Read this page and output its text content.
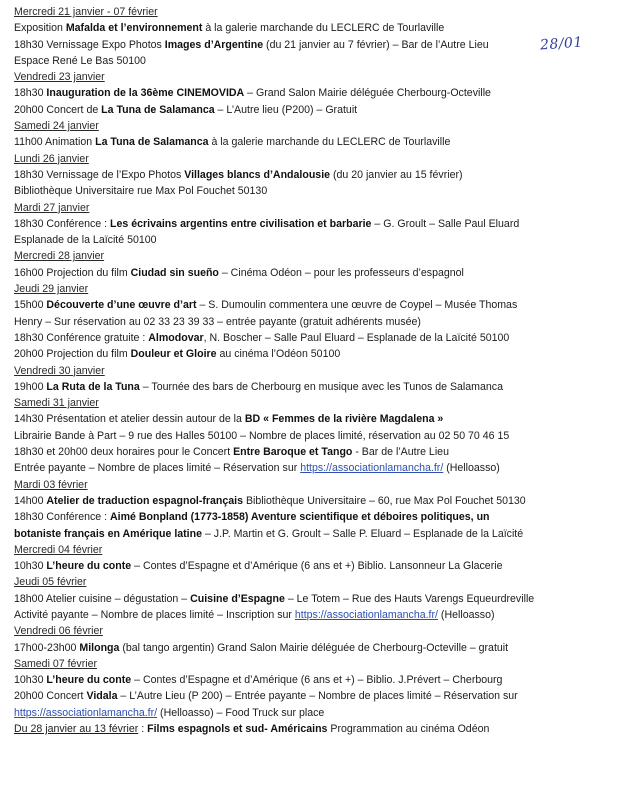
Mercredi 21 janvier - 07 février
Exposition Mafalda et l’environnement à la galerie marchande du LECLERC de Tourlaville
18h30 Vernissage Expo Photos Images d’Argentine (du 21 janvier au 7 février) – Bar de l’Autre Lieu
Espace René Le Bas 50100
Vendredi 23 janvier
18h30 Inauguration de la 36ème CINEMOVIDA – Grand Salon Mairie déléguée Cherbourg-Octeville
20h00 Concert de La Tuna de Salamanca – L’Autre lieu (P200) – Gratuit
Samedi 24 janvier
11h00 Animation La Tuna de Salamanca à la galerie marchande du LECLERC de Tourlaville
Lundi 26 janvier
18h30 Vernissage de l’Expo Photos Villages blancs d’Andalousie (du 20 janvier au 15 février)
Bibliothèque Universitaire rue Max Pol Fouchet 50130
Mardi 27 janvier
18h30 Conférence : Les écrivains argentins entre civilisation et barbarie – G. Groult – Salle Paul Eluard
Esplanade de la Laïcité 50100
Mercredi 28 janvier
16h00 Projection du film Ciudad sin sueño – Cinéma Odéon – pour les professeurs d’espagnol
Jeudi 29 janvier
15h00 Découverte d’une œuvre d’art – S. Dumoulin commentera une œuvre de Coypel – Musée Thomas
Henry – Sur réservation au 02 33 23 39 33 – entrée payante (gratuit adhérents musée)
18h30 Conférence gratuite : Almodovar, N. Boscher – Salle Paul Eluard – Esplanade de la Laïcité 50100
20h00 Projection du film Douleur et Gloire au cinéma l’Odéon 50100
Vendredi 30 janvier
19h00 La Ruta de la Tuna – Tournée des bars de Cherbourg en musique avec les Tunos de Salamanca
Samedi 31 janvier
14h30 Présentation et atelier dessin autour de la BD « Femmes de la rivière Magdalena »
Librairie Bande à Part – 9 rue des Halles 50100 – Nombre de places limité, réservation au 02 50 70 46 15
18h30 et 20h00 deux horaires pour le Concert Entre Baroque et Tango - Bar de l’Autre Lieu
Entrée payante – Nombre de places limité – Réservation sur https://associationlamancha.fr/ (Helloasso)
Mardi 03 février
14h00 Atelier de traduction espagnol-français Bibliothèque Universitaire – 60, rue Max Pol Fouchet 50130
18h30 Conférence : Aimé Bonpland (1773-1858) Aventure scientifique et déboires politiques, un
botaniste français en Amérique latine – J.P. Martin et G. Groult – Salle P. Eluard – Esplanade de la Laïcité
Mercredi 04 février
10h30 L’heure du conte – Contes d’Espagne et d’Amérique (6 ans et +) Biblio. Lansonneur La Glacerie
Jeudi 05 février
18h00 Atelier cuisine – dégustation – Cuisine d’Espagne – Le Totem – Rue des Hauts Varengs Equeurdreville
Activité payante – Nombre de places limité – Inscription sur https://associationlamancha.fr/ (Helloasso)
Vendredi 06 février
17h00-23h00 Milonga (bal tango argentin) Grand Salon Mairie déléguée de Cherbourg-Octeville – gratuit
Samedi 07 février
10h30 L’heure du conte – Contes d’Espagne et d’Amérique (6 ans et +) – Biblio. J.Prévert – Cherbourg
20h00 Concert Vidala – L’Autre Lieu (P 200) – Entrée payante – Nombre de places limité – Réservation sur
https://associationlamancha.fr/ (Helloasso) – Food Truck sur place
Du 28 janvier au 13 février : Films espagnols et sud- Américains Programmation au cinéma Odéon
28/01
